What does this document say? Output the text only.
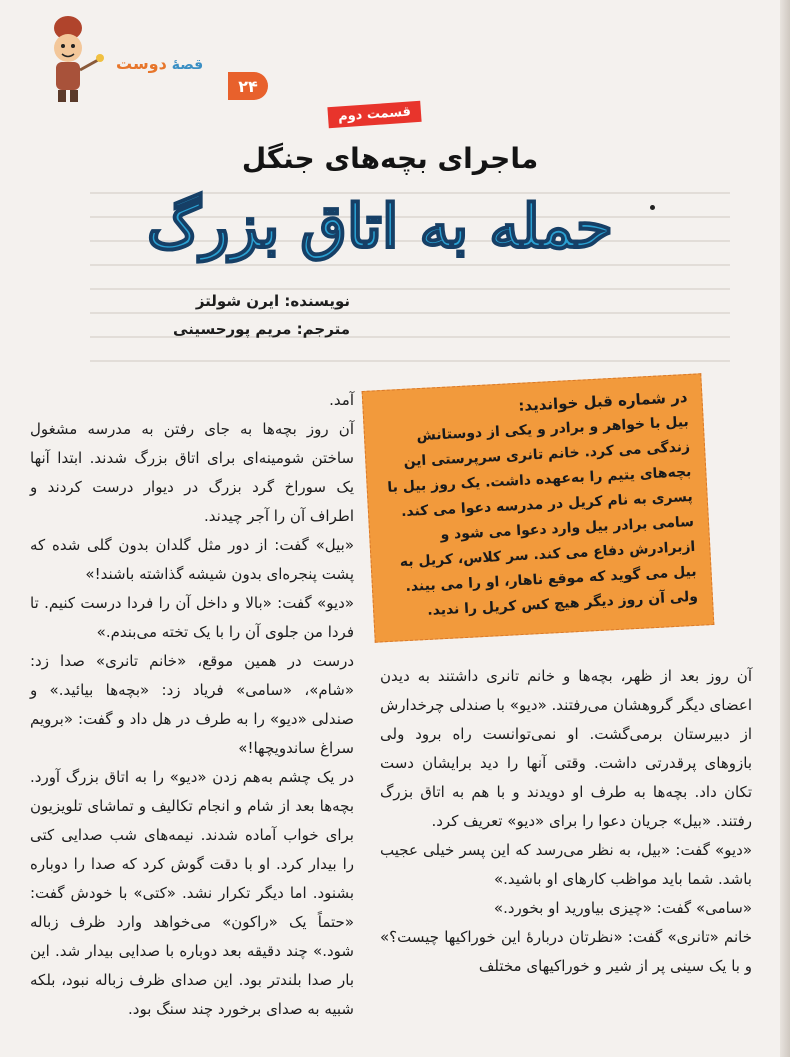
قصهٔ دوست
۲۴
قسمت دوم
ماجرای بچه‌های جنگل
حمله به اتاق بزرگ
نویسنده: ایرن شولتز
مترجم: مریم پورحسینی
در شماره قبل خواندید:
بیل با خواهر و برادر و یکی از دوستانش زندگی می کرد. خانم تانری سرپرستی این بچه‌های یتیم را به‌عهده داشت. یک روز بیل با پسری به نام کریل در مدرسه دعوا می کند. سامی برادر بیل وارد دعوا می شود و ازبرادرش دفاع می کند. سر کلاس، کریل به بیل می گوید که موقع ناهار، او را می بیند. ولی آن روز دیگر هیچ کس کریل را ندید.

آن روز بعد از ظهر، بچه‌ها و خانم تانری داشتند به دیدن اعضای دیگر گروهشان می‌رفتند. «دیو» با صندلی چرخدارش از دبیرستان برمی‌گشت. او نمی‌توانست راه برود ولی بازوهای پرقدرتی داشت. وقتی آنها را دید برایشان دست تکان داد. بچه‌ها به طرف او دویدند و با هم به اتاق بزرگ رفتند. «بیل» جریان دعوا را برای «دیو» تعریف کرد.

«دیو» گفت: «بیل، به نظر می‌رسد که این پسر خیلی عجیب باشد. شما باید مواظب کارهای او باشید.»

«سامی» گفت: «چیزی بیاورید او بخورد.»

خانم «تانری» گفت: «نظرتان دربارهٔ این خوراکیها چیست؟» و با یک سینی پر از شیر و خوراکیهای مختلف

آمد.

آن روز بچه‌ها به جای رفتن به مدرسه مشغول ساختن شومینه‌ای برای اتاق بزرگ شدند. ابتدا آنها یک سوراخ گرد بزرگ در دیوار درست کردند و اطراف آن را آجر چیدند.

«بیل» گفت: از دور مثل گلدان بدون گلی شده که پشت پنجره‌ای بدون شیشه گذاشته باشند!»

«دیو» گفت: «بالا و داخل آن را فردا درست کنیم. تا فردا من جلوی آن را با یک تخته می‌بندم.»

درست در همین موقع، «خانم تانری» صدا زد: «شام»، «سامی» فریاد زد: «بچه‌ها بیائید.» و صندلی «دیو» را به طرف در هل داد و گفت: «برویم سراغ ساندویچها!»

در یک چشم به‌هم زدن «دیو» را به اتاق بزرگ آورد. بچه‌ها بعد از شام و انجام تکالیف و تماشای تلویزیون برای خواب آماده شدند. نیمه‌های شب صدایی کتی را بیدار کرد. او با دقت گوش کرد که صدا را دوباره بشنود. اما دیگر تکرار نشد. «کتی» با خودش گفت: «حتماً یک «راکون» می‌خواهد وارد ظرف زباله شود.» چند دقیقه بعد دوباره با صدایی بیدار شد. این بار صدا بلندتر بود. این صدای ظرف زباله نبود، بلکه شبیه به صدای برخورد چند سنگ بود.
